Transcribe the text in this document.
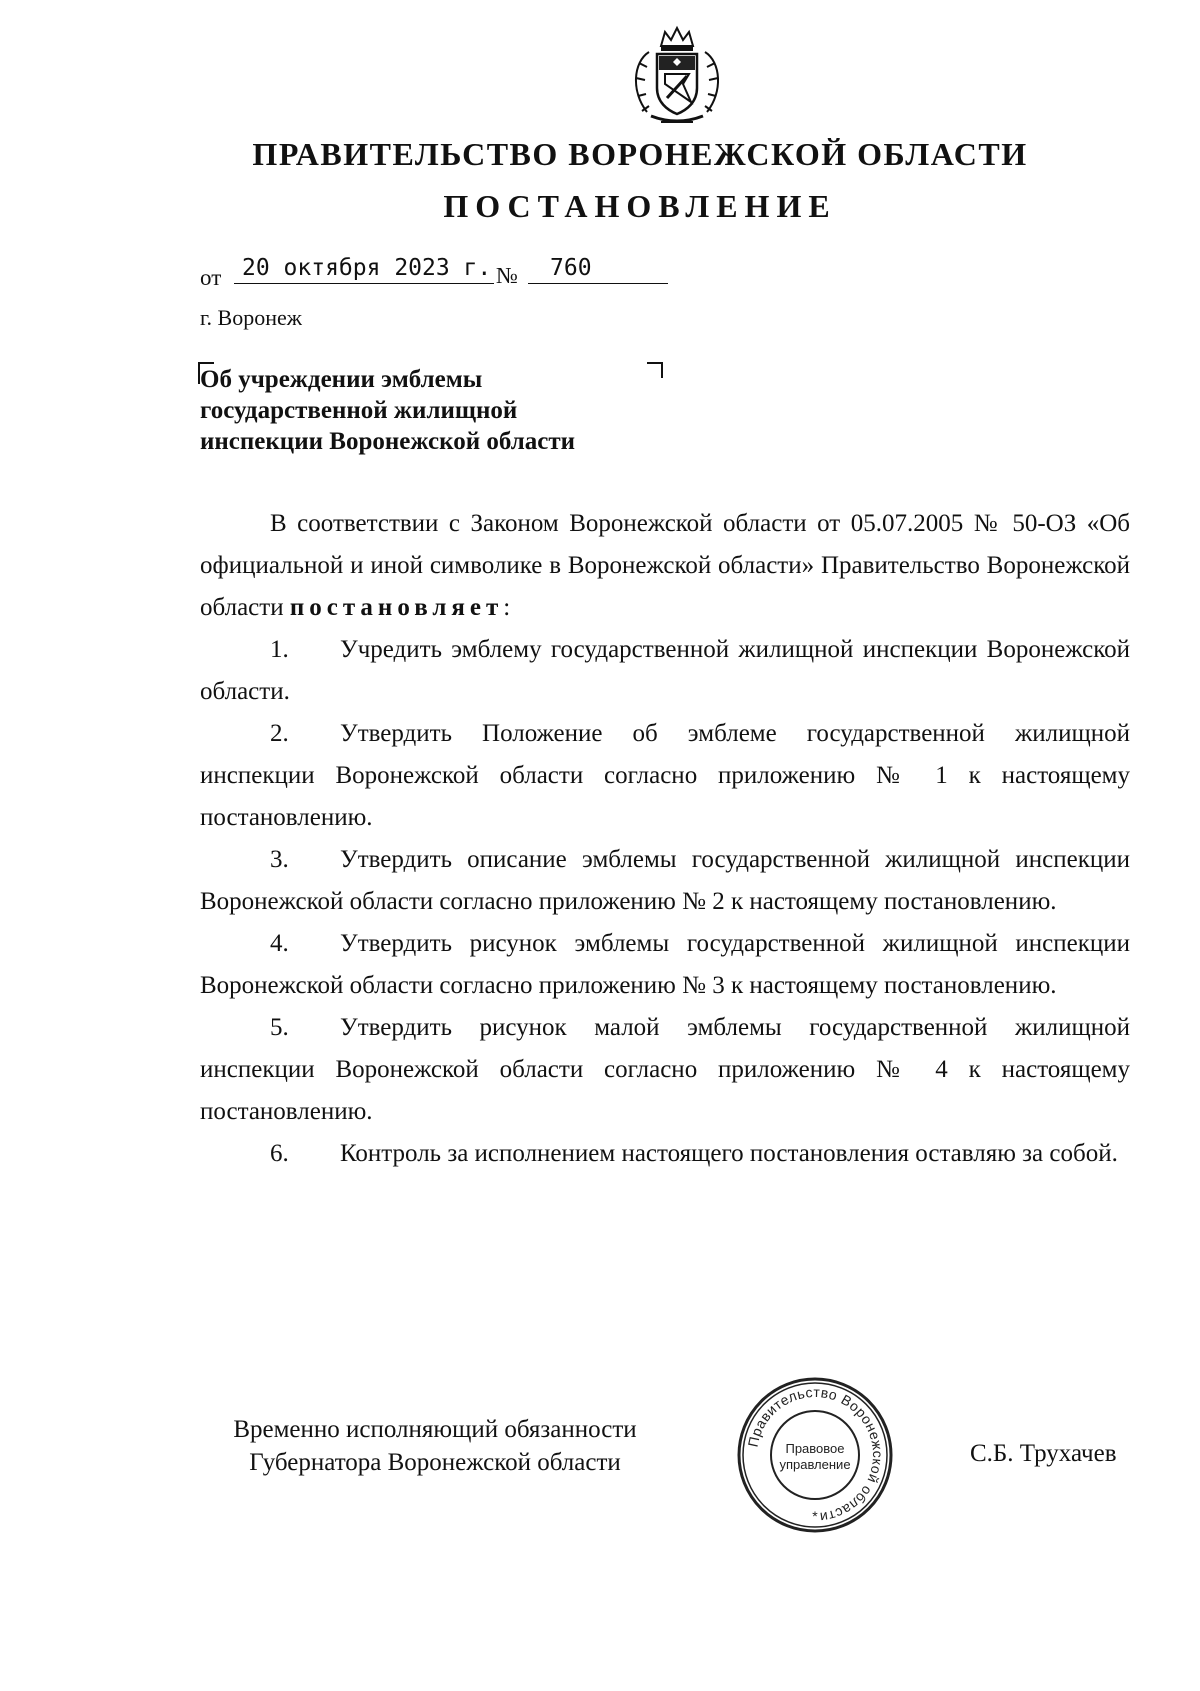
ПРАВИТЕЛЬСТВО ВОРОНЕЖСКОЙ ОБЛАСТИ
ПОСТАНОВЛЕНИЕ
от 20 октября 2023 г. №	760
г. Воронеж
Об учреждении эмблемы
государственной жилищной
инспекции Воронежской области

В соответствии с Законом Воронежской области от 05.07.2005 № 50-ОЗ «Об официальной и иной символике в Воронежской области» Правительство Воронежской области постановляет:

1. Учредить эмблему государственной жилищной инспекции Воронежской области.

2. Утвердить Положение об эмблеме государственной жилищной инспекции Воронежской области согласно приложению № 1 к настоящему постановлению.

3. Утвердить описание эмблемы государственной жилищной инспекции Воронежской области согласно приложению № 2 к настоящему постановлению.

4. Утвердить рисунок эмблемы государственной жилищной инспекции Воронежской области согласно приложению № 3 к настоящему постановлению.

5. Утвердить рисунок малой эмблемы государственной жилищной инспекции Воронежской области согласно приложению № 4 к настоящему постановлению.

6. Контроль за исполнением настоящего постановления оставляю за собой.

Временно исполняющий обязанности
Губернатора Воронежской области
Правительство Воронежской области
Правовое
управление
*
С.Б. Трухачев
